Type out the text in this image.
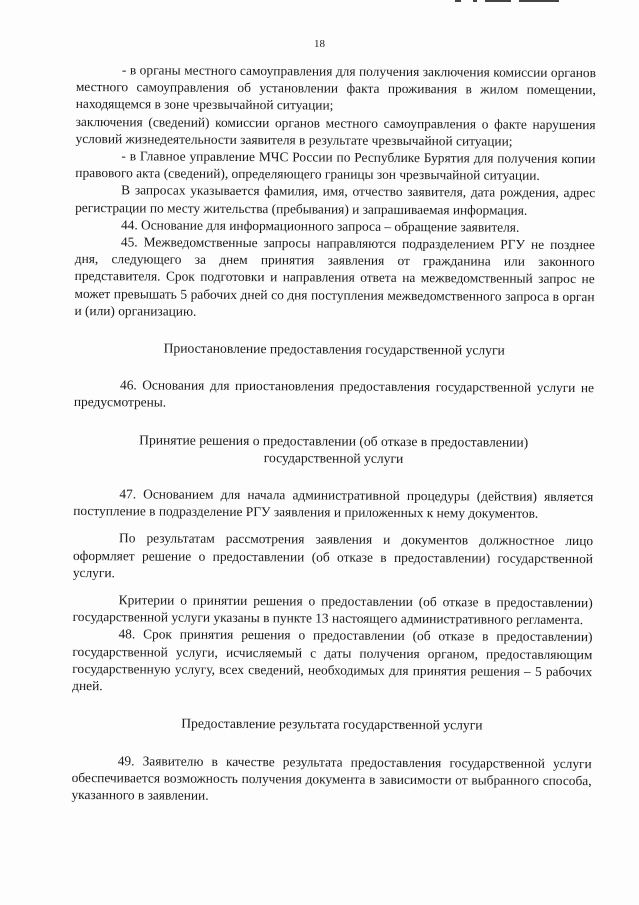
18

- в органы местного самоуправления для получения заключения комиссии органов местного самоуправления об установлении факта проживания в жилом помещении, находящемся в зоне чрезвычайной ситуации;

заключения (сведений) комиссии органов местного самоуправления о факте нарушения условий жизнедеятельности заявителя в результате чрезвычайной ситуации;

- в Главное управление МЧС России по Республике Бурятия для получения копии правового акта (сведений), определяющего границы зон чрезвычайной ситуации.

В запросах указывается фамилия, имя, отчество заявителя, дата рождения, адрес регистрации по месту жительства (пребывания) и запрашиваемая информация.

44. Основание для информационного запроса – обращение заявителя.

45. Межведомственные запросы направляются подразделением РГУ не позднее дня, следующего за днем принятия заявления от гражданина или законного представителя. Срок подготовки и направления ответа на межведомственный запрос не может превышать 5 рабочих дней со дня поступления межведомственного запроса в орган и (или) организацию.

Приостановление предоставления государственной услуги

46. Основания для приостановления предоставления государственной услуги не предусмотрены.

Принятие решения о предоставлении (об отказе в предоставлении) государственной услуги

47. Основанием для начала административной процедуры (действия) является поступление в подразделение РГУ заявления и приложенных к нему документов.

По результатам рассмотрения заявления и документов должностное лицо оформляет решение о предоставлении (об отказе в предоставлении) государственной услуги.

Критерии о принятии решения о предоставлении (об отказе в предоставлении) государственной услуги указаны в пункте 13 настоящего административного регламента.

48. Срок принятия решения о предоставлении (об отказе в предоставлении) государственной услуги, исчисляемый с даты получения органом, предоставляющим государственную услугу, всех сведений, необходимых для принятия решения – 5 рабочих дней.

Предоставление результата государственной услуги

49. Заявителю в качестве результата предоставления государственной услуги обеспечивается возможность получения документа в зависимости от выбранного способа, указанного в заявлении.
